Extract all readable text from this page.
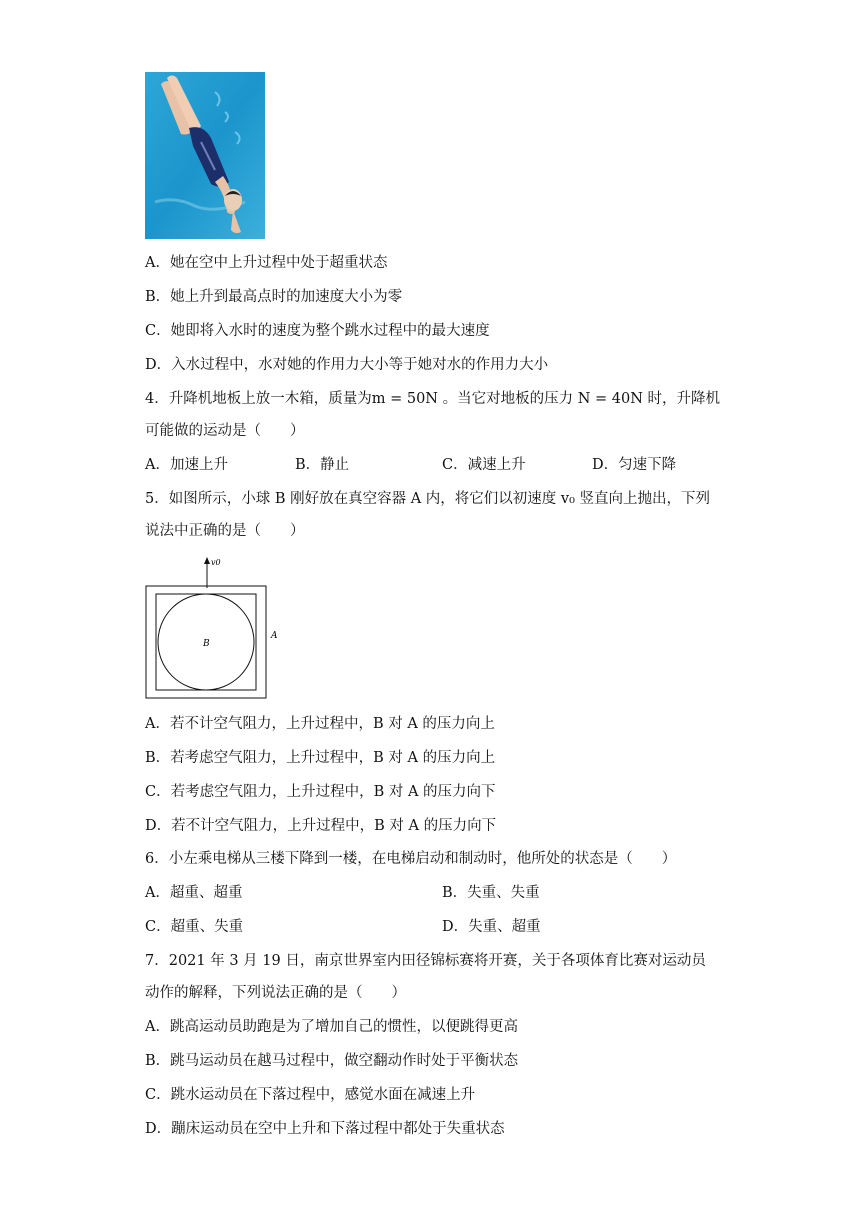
A．她在空中上升过程中处于超重状态
B．她上升到最高点时的加速度大小为零
C．她即将入水时的速度为整个跳水过程中的最大速度
D．入水过程中，水对她的作用力大小等于她对水的作用力大小
4．升降机地板上放一木箱，质量为m = 50N 。当它对地板的压力 N = 40N 时，升降机
可能做的运动是（　　）
A．加速上升	B．静止	C．减速上升	D．匀速下降
5．如图所示，小球 B 刚好放在真空容器 A 内，将它们以初速度 v₀ 竖直向上抛出，下列
说法中正确的是（　　）
v0
B
A
A．若不计空气阻力，上升过程中，B 对 A 的压力向上
B．若考虑空气阻力，上升过程中，B 对 A 的压力向上
C．若考虑空气阻力，上升过程中，B 对 A 的压力向下
D．若不计空气阻力，上升过程中，B 对 A 的压力向下
6．小左乘电梯从三楼下降到一楼，在电梯启动和制动时，他所处的状态是（　　）
A．超重、超重	B．失重、失重
C．超重、失重	D．失重、超重
7．2021 年 3 月 19 日，南京世界室内田径锦标赛将开赛，关于各项体育比赛对运动员
动作的解释，下列说法正确的是（　　）
A．跳高运动员助跑是为了增加自己的惯性，以便跳得更高
B．跳马运动员在越马过程中，做空翻动作时处于平衡状态
C．跳水运动员在下落过程中，感觉水面在减速上升
D．蹦床运动员在空中上升和下落过程中都处于失重状态
